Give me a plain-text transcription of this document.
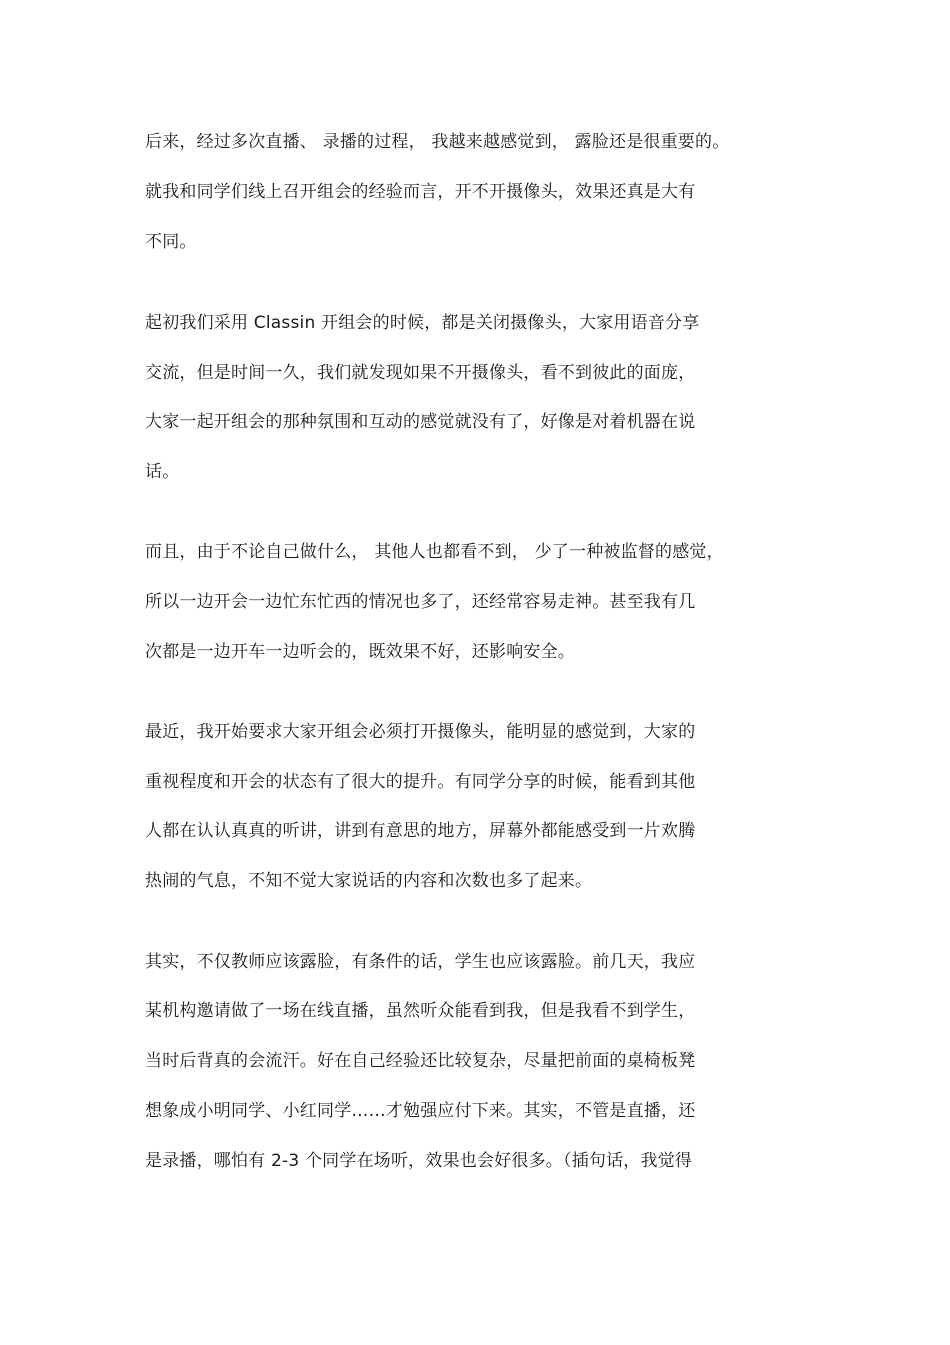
后来，经过多次直播、 录播的过程， 我越来越感觉到， 露脸还是很重要的。
就我和同学们线上召开组会的经验而言，开不开摄像头，效果还真是大有
不同。
起初我们采用 Classin 开组会的时候，都是关闭摄像头，大家用语音分享
交流，但是时间一久，我们就发现如果不开摄像头，看不到彼此的面庞，
大家一起开组会的那种氛围和互动的感觉就没有了，好像是对着机器在说
话。
而且，由于不论自己做什么， 其他人也都看不到， 少了一种被监督的感觉，
所以一边开会一边忙东忙西的情况也多了，还经常容易走神。甚至我有几
次都是一边开车一边听会的，既效果不好，还影响安全。
最近，我开始要求大家开组会必须打开摄像头，能明显的感觉到，大家的
重视程度和开会的状态有了很大的提升。有同学分享的时候，能看到其他
人都在认认真真的听讲，讲到有意思的地方，屏幕外都能感受到一片欢腾
热闹的气息，不知不觉大家说话的内容和次数也多了起来。
其实，不仅教师应该露脸，有条件的话，学生也应该露脸。前几天，我应
某机构邀请做了一场在线直播，虽然听众能看到我，但是我看不到学生，
当时后背真的会流汗。好在自己经验还比较复杂，尽量把前面的桌椅板凳
想象成小明同学、小红同学……才勉强应付下来。其实，不管是直播，还
是录播，哪怕有 2-3 个同学在场听，效果也会好很多。（插句话，我觉得
